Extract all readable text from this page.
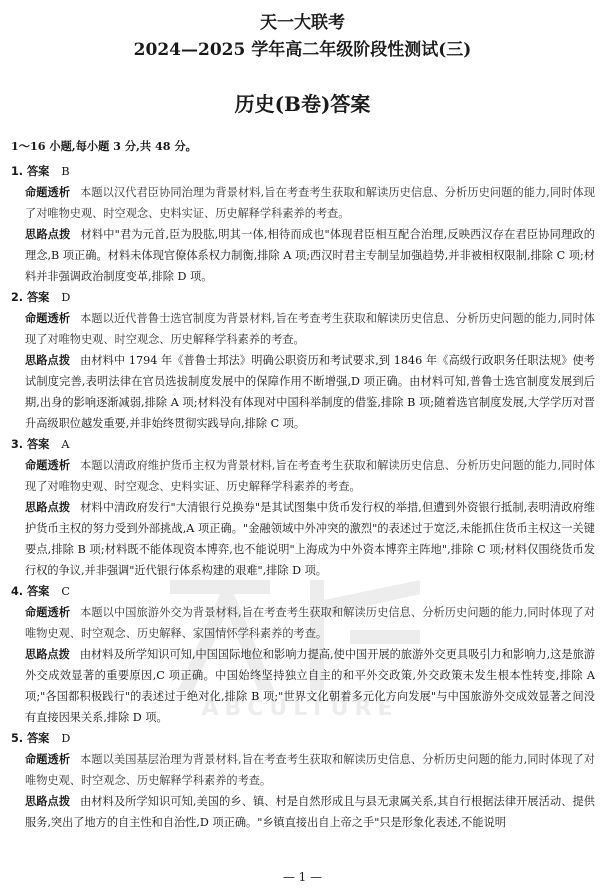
ABCULTURE
天一大联考
2024—2025 学年高二年级阶段性测试(三)
历史(B卷)答案

1～16 小题,每小题 3 分,共 48 分。

1. 答案 B

命题透析 本题以汉代君臣协同治理为背景材料,旨在考查考生获取和解读历史信息、分析历史问题的能力,同时体现了对唯物史观、时空观念、史料实证、历史解释学科素养的考查。

思路点拨 材料中"君为元首,臣为股肱,明其一体,相待而成也"体现君臣相互配合治理,反映西汉存在君臣协同理政的理念,B 项正确。材料未体现官僚体系权力制衡,排除 A 项;西汉时君主专制呈加强趋势,并非被相权限制,排除 C 项;材料并非强调政治制度变革,排除 D 项。

2. 答案 D

命题透析 本题以近代普鲁士选官制度为背景材料,旨在考查考生获取和解读历史信息、分析历史问题的能力,同时体现了对唯物史观、时空观念、历史解释学科素养的考查。

思路点拨 由材料中 1794 年《普鲁士邦法》明确公职资历和考试要求,到 1846 年《高级行政职务任职法规》使考试制度完善,表明法律在官员选拔制度发展中的保障作用不断增强,D 项正确。由材料可知,普鲁士选官制度发展到后期,出身的影响逐渐减弱,排除 A 项;材料没有体现对中国科举制度的借鉴,排除 B 项;随着选官制度发展,大学学历对晋升高级职位越发重要,并非始终贯彻实践导向,排除 C 项。

3. 答案 A

命题透析 本题以清政府维护货币主权为背景材料,旨在考查考生获取和解读历史信息、分析历史问题的能力,同时体现了对唯物史观、时空观念、史料实证、历史解释学科素养的考查。

思路点拨 材料中清政府发行"大清银行兑换券"是其试图集中货币发行权的举措,但遭到外资银行抵制,表明清政府维护货币主权的努力受到外部挑战,A 项正确。"金融领域中外冲突的激烈"的表述过于宽泛,未能抓住货币主权这一关键要点,排除 B 项;材料既不能体现资本博弈,也不能说明"上海成为中外资本博弈主阵地",排除 C 项;材料仅围绕货币发行权的争议,并非强调"近代银行体系构建的艰难",排除 D 项。

4. 答案 C

命题透析 本题以中国旅游外交为背景材料,旨在考查考生获取和解读历史信息、分析历史问题的能力,同时体现了对唯物史观、时空观念、历史解释、家国情怀学科素养的考查。

思路点拨 由材料及所学知识可知,中国国际地位和影响力提高,使中国开展的旅游外交更具吸引力和影响力,这是旅游外交成效显著的重要原因,C 项正确。中国始终坚持独立自主的和平外交政策,外交政策未发生根本性转变,排除 A 项;"各国都积极践行"的表述过于绝对化,排除 B 项;"世界文化朝着多元化方向发展"与中国旅游外交成效显著之间没有直接因果关系,排除 D 项。

5. 答案 D

命题透析 本题以美国基层治理为背景材料,旨在考查考生获取和解读历史信息、分析历史问题的能力,同时体现了对唯物史观、时空观念、历史解释学科素养的考查。

思路点拨 由材料及所学知识可知,美国的乡、镇、村是自然形成且与县无隶属关系,其自行根据法律开展活动、提供服务,突出了地方的自主性和自治性,D 项正确。"乡镇直接出自上帝之手"只是形象化表述,不能说明

— 1 —
